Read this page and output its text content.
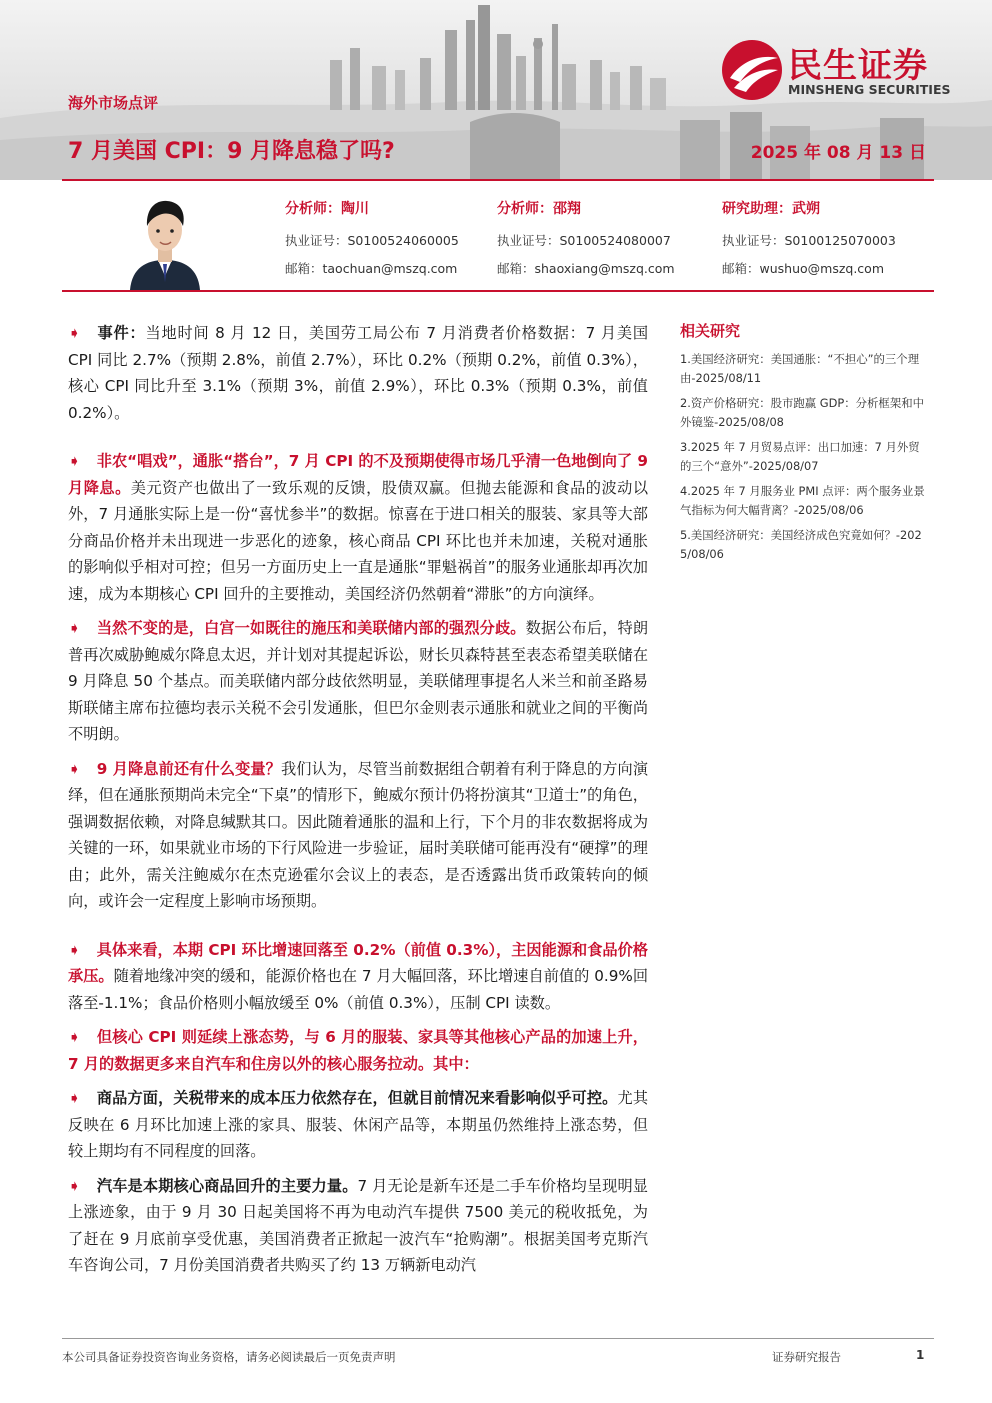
民生证券
MINSHENG SECURITIES
海外市场点评
7 月美国 CPI：9 月降息稳了吗?	2025 年 08 月 13 日
分析师：陶川
执业证号：S0100524060005
邮箱：taochuan@mszq.com
分析师：邵翔
执业证号：S0100524080007
邮箱：shaoxiang@mszq.com
研究助理：武朔
执业证号：S0100125070003
邮箱：wushuo@mszq.com

➧ 事件：当地时间 8 月 12 日，美国劳工局公布 7 月消费者价格数据：7 月美国 CPI 同比 2.7%（预期 2.8%，前值 2.7%），环比 0.2%（预期 0.2%，前值 0.3%），核心 CPI 同比升至 3.1%（预期 3%，前值 2.9%），环比 0.3%（预期 0.3%，前值 0.2%）。

➧ 非农“唱戏”，通胀“搭台”，7 月 CPI 的不及预期使得市场几乎清一色地倒向了 9 月降息。美元资产也做出了一致乐观的反馈，股债双赢。但抛去能源和食品的波动以外，7 月通胀实际上是一份“喜忧参半”的数据。惊喜在于进口相关的服装、家具等大部分商品价格并未出现进一步恶化的迹象，核心商品 CPI 环比也并未加速，关税对通胀的影响似乎相对可控；但另一方面历史上一直是通胀“罪魁祸首”的服务业通胀却再次加速，成为本期核心 CPI 回升的主要推动，美国经济仍然朝着“滞胀”的方向演绎。

➧ 当然不变的是，白宫一如既往的施压和美联储内部的强烈分歧。数据公布后，特朗普再次威胁鲍威尔降息太迟，并计划对其提起诉讼，财长贝森特甚至表态希望美联储在 9 月降息 50 个基点。而美联储内部分歧依然明显，美联储理事提名人米兰和前圣路易斯联储主席布拉德均表示关税不会引发通胀，但巴尔金则表示通胀和就业之间的平衡尚不明朗。

➧ 9 月降息前还有什么变量？我们认为，尽管当前数据组合朝着有利于降息的方向演绎，但在通胀预期尚未完全“下桌”的情形下，鲍威尔预计仍将扮演其“卫道士”的角色，强调数据依赖，对降息缄默其口。因此随着通胀的温和上行，下个月的非农数据将成为关键的一环，如果就业市场的下行风险进一步验证，届时美联储可能再没有“硬撑”的理由；此外，需关注鲍威尔在杰克逊霍尔会议上的表态，是否透露出货币政策转向的倾向，或许会一定程度上影响市场预期。

➧ 具体来看，本期 CPI 环比增速回落至 0.2%（前值 0.3%），主因能源和食品价格承压。随着地缘冲突的缓和，能源价格也在 7 月大幅回落，环比增速自前值的 0.9%回落至-1.1%；食品价格则小幅放缓至 0%（前值 0.3%），压制 CPI 读数。

➧ 但核心 CPI 则延续上涨态势，与 6 月的服装、家具等其他核心产品的加速上升，7 月的数据更多来自汽车和住房以外的核心服务拉动。其中：

➧ 商品方面，关税带来的成本压力依然存在，但就目前情况来看影响似乎可控。尤其反映在 6 月环比加速上涨的家具、服装、休闲产品等，本期虽仍然维持上涨态势，但较上期均有不同程度的回落。

➧ 汽车是本期核心商品回升的主要力量。7 月无论是新车还是二手车价格均呈现明显上涨迹象，由于 9 月 30 日起美国将不再为电动汽车提供 7500 美元的税收抵免，为了赶在 9 月底前享受优惠，美国消费者正掀起一波汽车“抢购潮”。根据美国考克斯汽车咨询公司，7 月份美国消费者共购买了约 13 万辆新电动汽

相关研究
1.美国经济研究：美国通胀：“不担心”的三个理由-2025/08/11
2.资产价格研究：股市跑赢 GDP：分析框架和中外镜鉴-2025/08/08
3.2025 年 7 月贸易点评：出口加速：7 月外贸的三个“意外”-2025/08/07
4.2025 年 7 月服务业 PMI 点评：两个服务业景气指标为何大幅背离？-2025/08/06
5.美国经济研究：美国经济成色究竟如何？-2025/08/06
本公司具备证券投资咨询业务资格，请务必阅读最后一页免责声明	证券研究报告	1
